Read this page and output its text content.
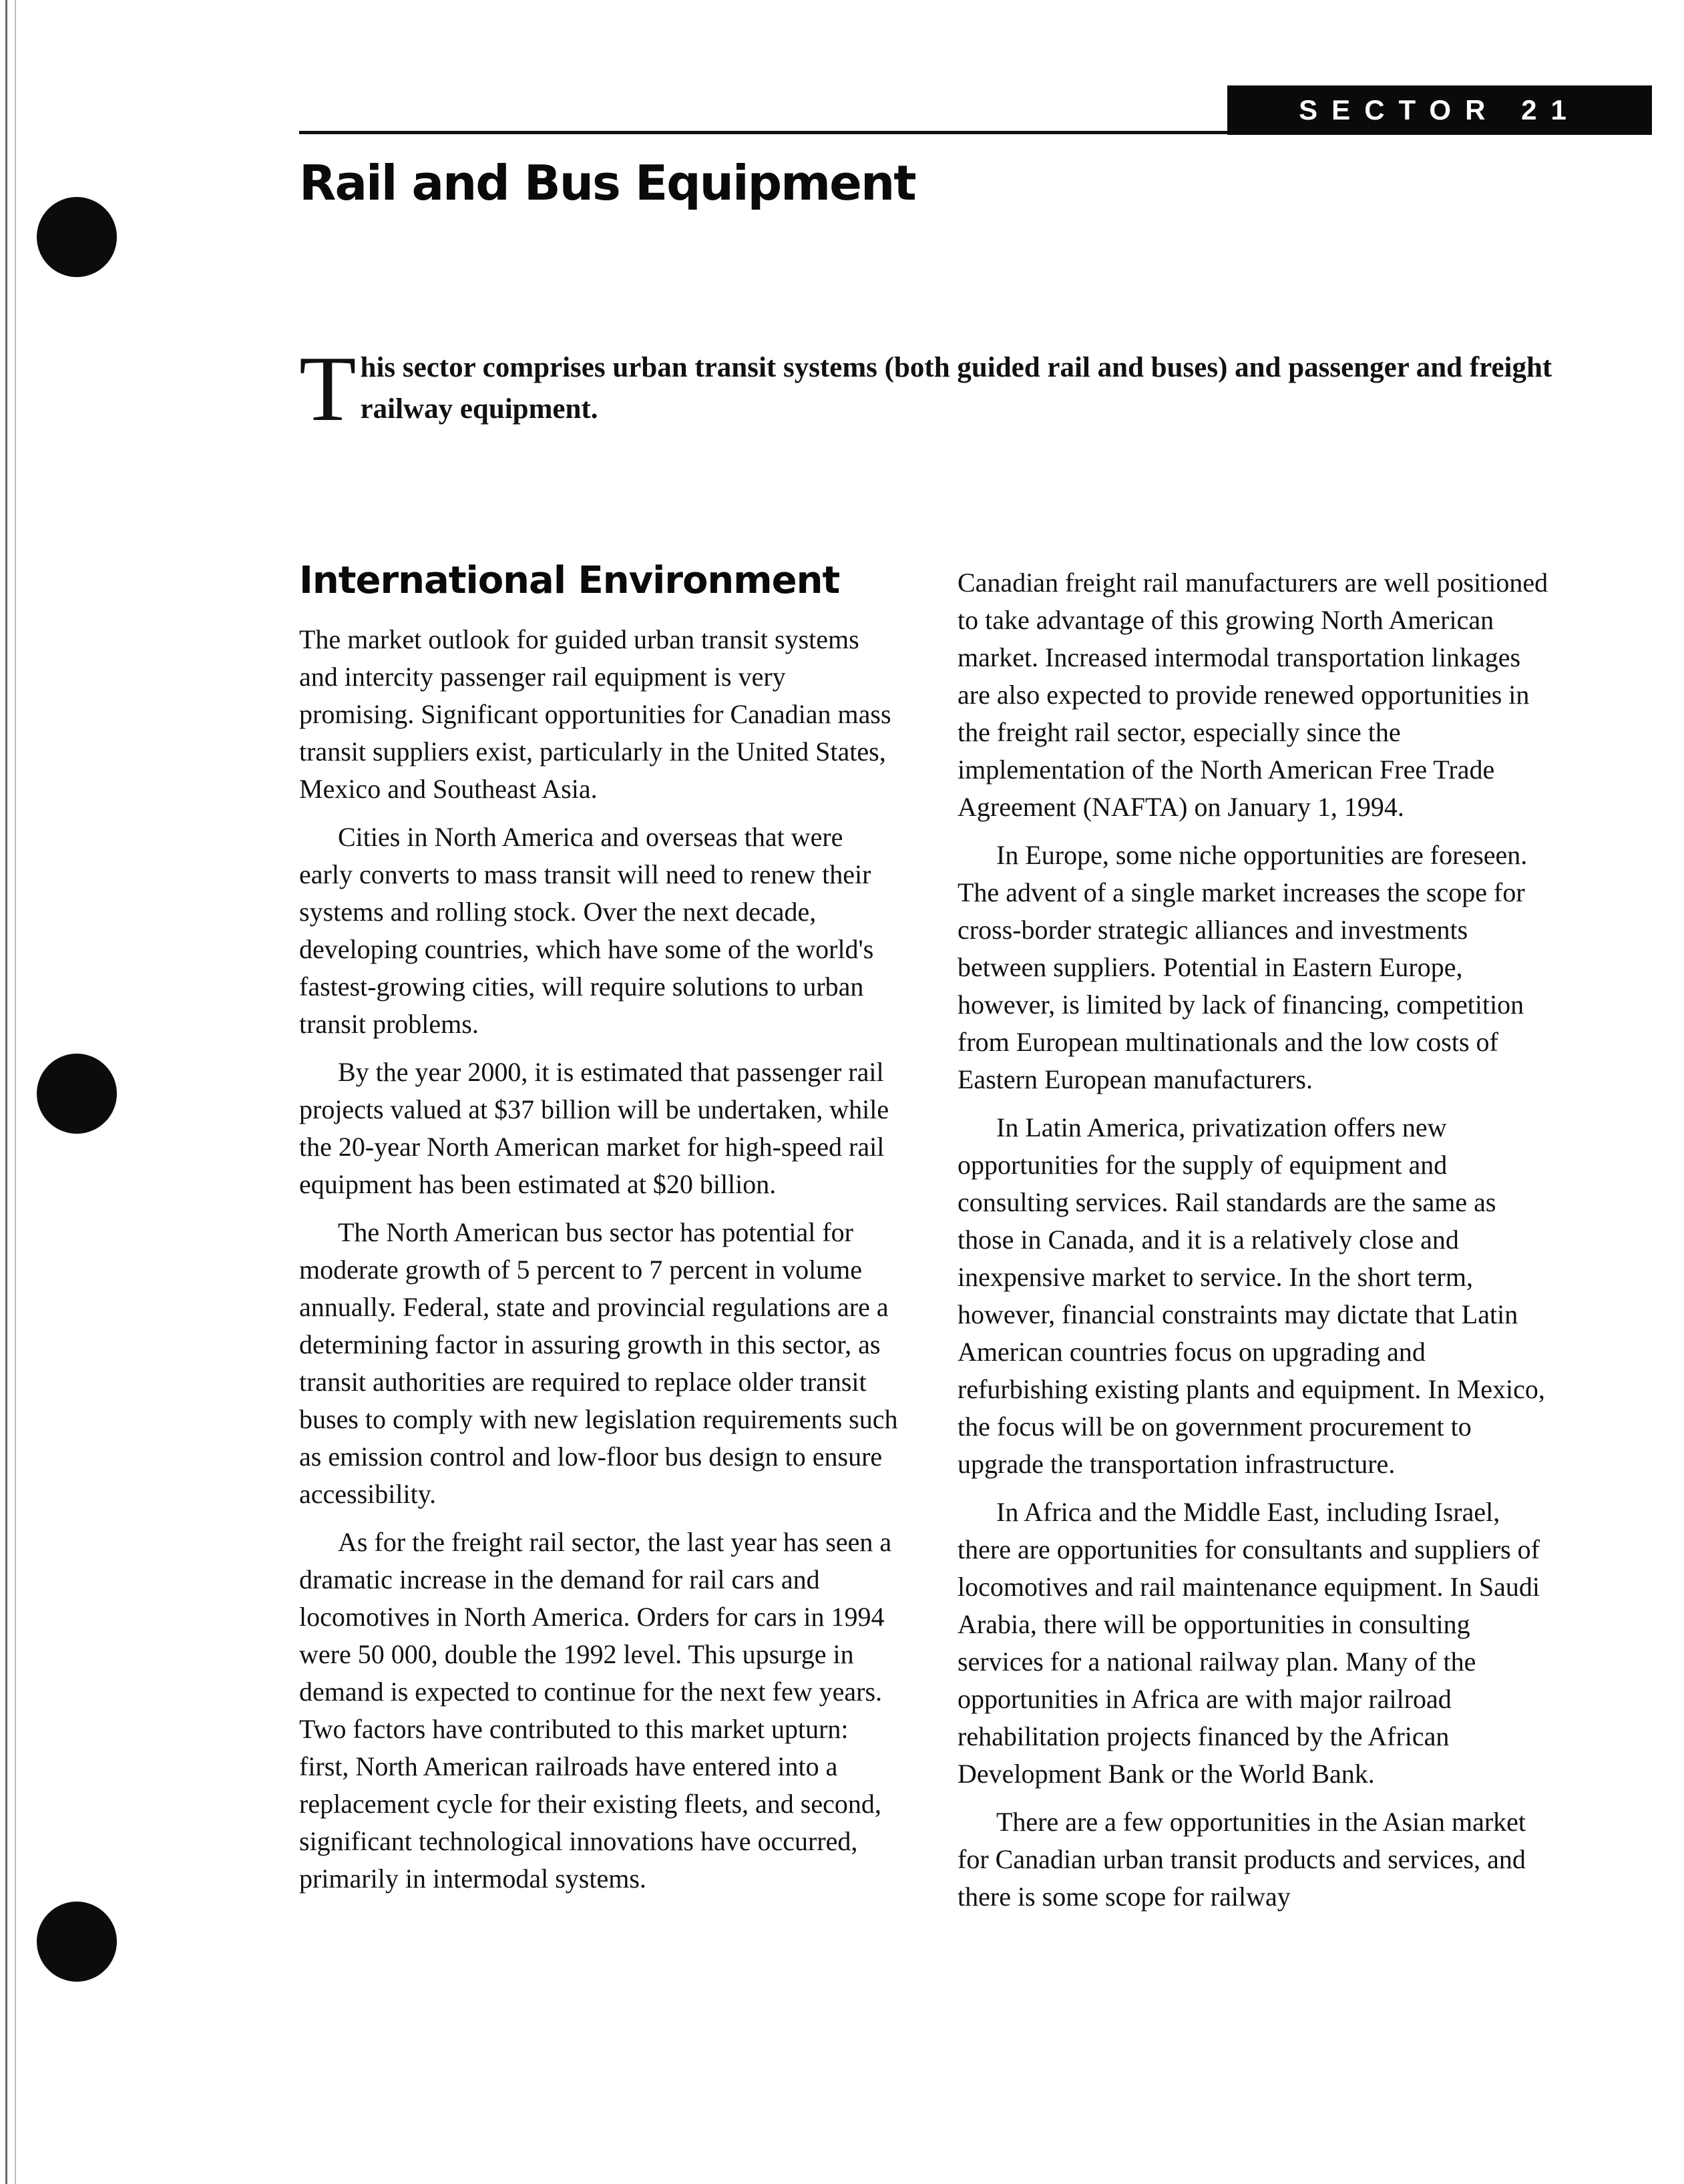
SECTOR 21
Rail and Bus Equipment
This sector comprises urban transit systems (both guided rail and buses) and passenger and freight railway equipment.
International Environment

The market outlook for guided urban transit systems and intercity passenger rail equipment is very promising. Significant opportunities for Canadian mass transit suppliers exist, particularly in the United States, Mexico and Southeast Asia.

Cities in North America and overseas that were early converts to mass transit will need to renew their systems and rolling stock. Over the next decade, developing countries, which have some of the world's fastest-growing cities, will require solutions to urban transit problems.

By the year 2000, it is estimated that passenger rail projects valued at $37 billion will be undertaken, while the 20-year North American market for high-speed rail equipment has been estimated at $20 billion.

The North American bus sector has potential for moderate growth of 5 percent to 7 percent in volume annually. Federal, state and provincial regulations are a determining factor in assuring growth in this sector, as transit authorities are required to replace older transit buses to comply with new legislation requirements such as emission control and low-floor bus design to ensure accessibility.

As for the freight rail sector, the last year has seen a dramatic increase in the demand for rail cars and locomotives in North America. Orders for cars in 1994 were 50 000, double the 1992 level. This upsurge in demand is expected to continue for the next few years. Two factors have contributed to this market upturn: first, North American railroads have entered into a replacement cycle for their existing fleets, and second, significant technological innovations have occurred, primarily in intermodal systems.

Canadian freight rail manufacturers are well positioned to take advantage of this growing North American market. Increased intermodal transportation linkages are also expected to provide renewed opportunities in the freight rail sector, especially since the implementation of the North American Free Trade Agreement (NAFTA) on January 1, 1994.

In Europe, some niche opportunities are foreseen. The advent of a single market increases the scope for cross-border strategic alliances and investments between suppliers. Potential in Eastern Europe, however, is limited by lack of financing, competition from European multinationals and the low costs of Eastern European manufacturers.

In Latin America, privatization offers new opportunities for the supply of equipment and consulting services. Rail standards are the same as those in Canada, and it is a relatively close and inexpensive market to service. In the short term, however, financial constraints may dictate that Latin American countries focus on upgrading and refurbishing existing plants and equipment. In Mexico, the focus will be on government procurement to upgrade the transportation infrastructure.

In Africa and the Middle East, including Israel, there are opportunities for consultants and suppliers of locomotives and rail maintenance equipment. In Saudi Arabia, there will be opportunities in consulting services for a national railway plan. Many of the opportunities in Africa are with major railroad rehabilitation projects financed by the African Development Bank or the World Bank.

There are a few opportunities in the Asian market for Canadian urban transit products and services, and there is some scope for railway
